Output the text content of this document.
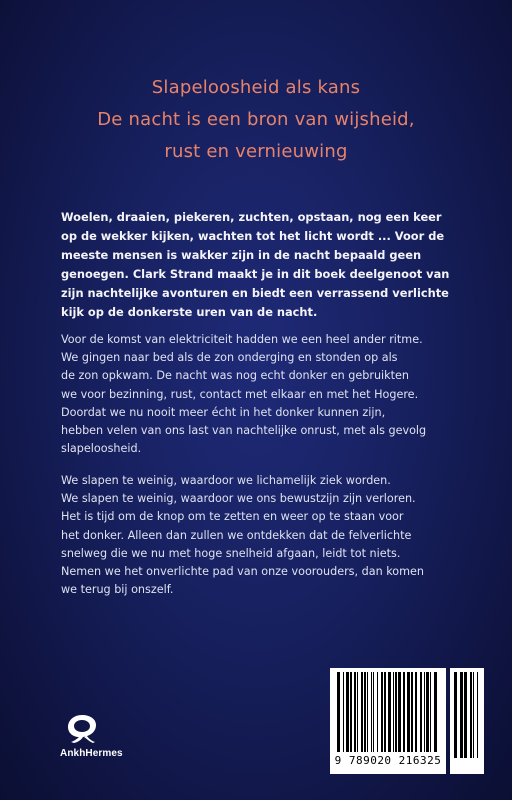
Slapeloosheid als kans
De nacht is een bron van wijsheid,
rust en vernieuwing
Woelen, draaien, piekeren, zuchten, opstaan, nog een keer
op de wekker kijken, wachten tot het licht wordt ... Voor de
meeste mensen is wakker zijn in de nacht bepaald geen
genoegen. Clark Strand maakt je in dit boek deelgenoot van
zijn nachtelijke avonturen en biedt een verrassend verlichte
kijk op de donkerste uren van de nacht.
Voor de komst van elektriciteit hadden we een heel ander ritme.
We gingen naar bed als de zon onderging en stonden op als
de zon opkwam. De nacht was nog echt donker en gebruikten
we voor bezinning, rust, contact met elkaar en met het Hogere.
Doordat we nu nooit meer écht in het donker kunnen zijn,
hebben velen van ons last van nachtelijke onrust, met als gevolg
slapeloosheid.
We slapen te weinig, waardoor we lichamelijk ziek worden.
We slapen te weinig, waardoor we ons bewustzijn zijn verloren.
Het is tijd om de knop om te zetten en weer op te staan voor
het donker. Alleen dan zullen we ontdekken dat de felverlichte
snelweg die we nu met hoge snelheid afgaan, leidt tot niets.
Nemen we het onverlichte pad van onze voorouders, dan komen
we terug bij onszelf.
AnkhHermes
9 789020 216325
